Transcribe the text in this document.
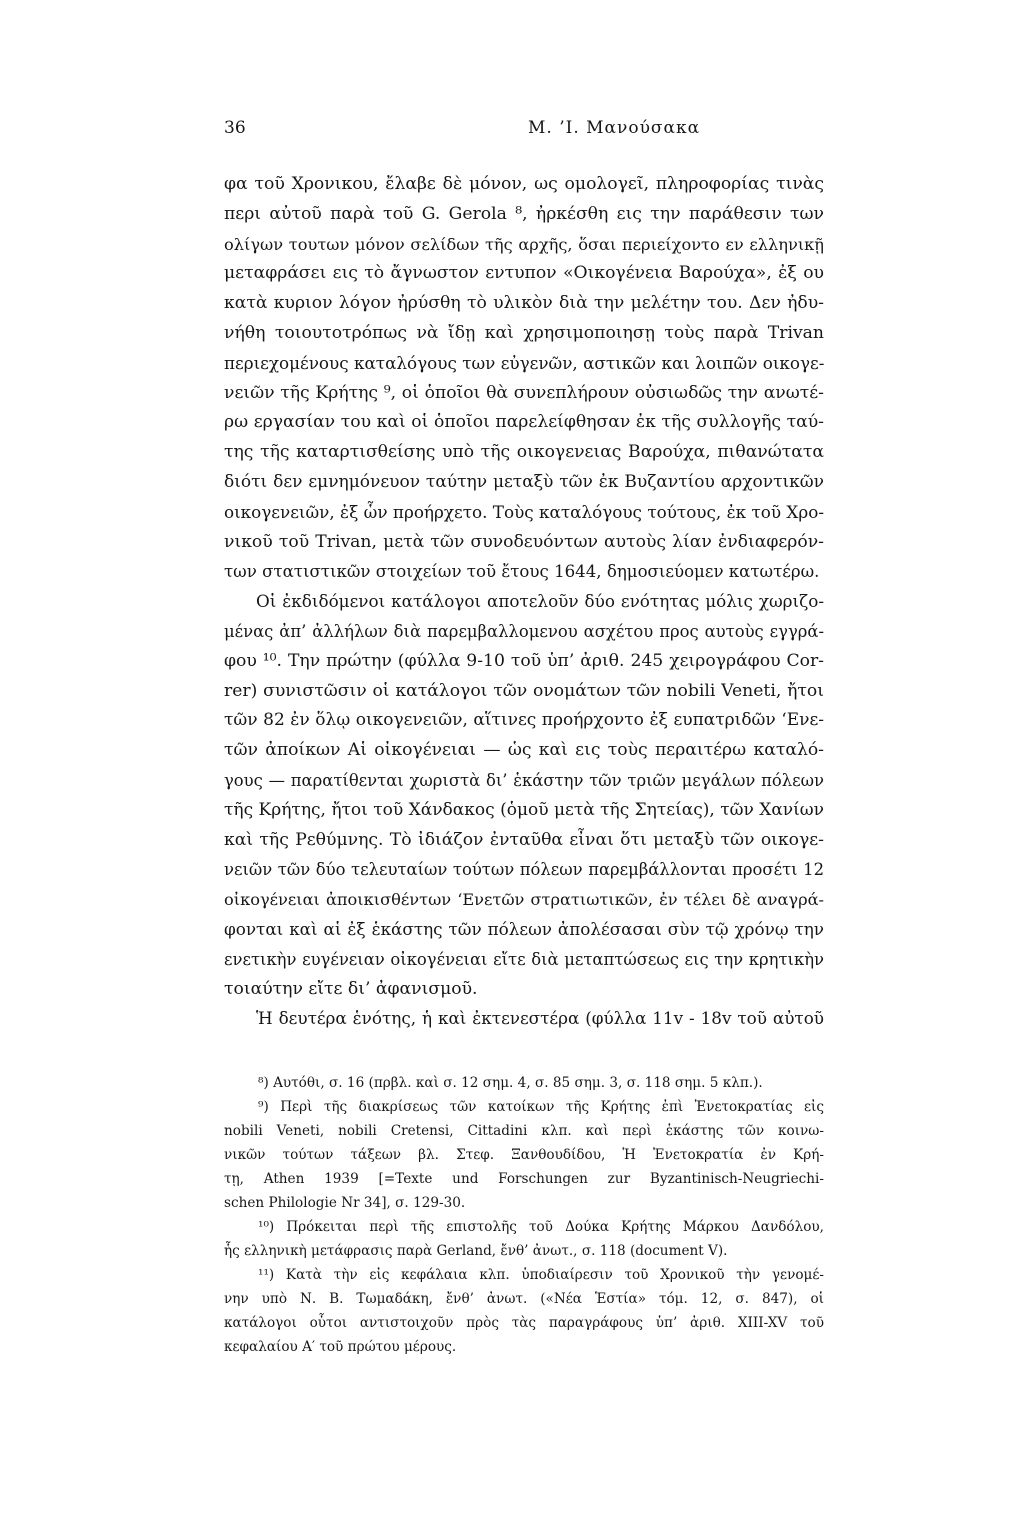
36	M. ’I. Μανούσακα
φα τοῦ Χρονικου, ἔλαβε δὲ μόνον, ως ομολογεῖ, πληροφορίας τινὰς
περι αὐτοῦ παρὰ τοῦ G. Gerola ⁸, ἠρκέσθη εις την παράθεσιν των
ολίγων τουτων μόνον σελίδων τῆς αρχῆς, ὅσαι περιείχοντο εν ελληνικῇ
μεταφράσει εις τὸ ἄγνωστον εντυπον «Οικογένεια Βαρούχα», ἐξ ου
κατὰ κυριον λόγον ἠρύσθη τὸ υλικὸν διὰ την μελέτην του. Δεν ἠδυ-
νήθη τοιουτοτρόπως νὰ ἴδῃ καὶ χρησιμοποιησῃ τοὺς παρὰ Trivan
περιεχομένους καταλόγους των εὐγενῶν, αστικῶν και λοιπῶν οικογε-
νειῶν τῆς Κρήτης ⁹, οἱ ὁποῖοι θὰ συνεπλήρουν οὐσιωδῶς την ανωτέ-
ρω εργασίαν του καὶ οἱ ὁποῖοι παρελείφθησαν ἐκ τῆς συλλογῆς ταύ-
της τῆς καταρτισθείσης υπὸ τῆς οικογενειας Βαρούχα, πιθανώτατα
διότι δεν εμνημόνευον ταύτην μεταξὺ τῶν ἐκ Βυζαντίου αρχοντικῶν
οικογενειῶν, ἐξ ὧν προήρχετο. Τοὺς καταλόγους τούτους, ἐκ τοῦ Χρο-
νικοῦ τοῦ Trivan, μετὰ τῶν συνοδευόντων αυτοὺς λίαν ἐνδιαφερόν-
των στατιστικῶν στοιχείων τοῦ ἔτους 1644, δημοσιεύομεν κατωτέρω.
Οἱ ἐκδιδόμενοι κατάλογοι αποτελοῦν δύο ενότητας μόλις χωριζο-
μένας ἀπ’ ἀλλήλων διὰ παρεμβαλλομενου ασχέτου προς αυτοὺς εγγρά-
φου ¹⁰. Την πρώτην (φύλλα 9-10 τοῦ ὑπ’ ἀριθ. 245 χειρογράφου Cor-
rer) συνιστῶσιν οἱ κατάλογοι τῶν ονομάτων τῶν nobili Veneti, ἤτοι
τῶν 82 ἐν ὅλῳ οικογενειῶν, αἵτινες προήρχοντο ἐξ ευπατριδῶν ‘Ενε-
τῶν ἀποίκων Αἱ οἰκογένειαι — ὡς καὶ εις τοὺς περαιτέρω καταλό-
γους — παρατίθενται χωριστὰ δι’ ἑκάστην τῶν τριῶν μεγάλων πόλεων
τῆς Κρήτης, ἤτοι τοῦ Χάνδακος (ὁμοῦ μετὰ τῆς Σητείας), τῶν Χανίων
καὶ τῆς Ρεθύμνης. Τὸ ἰδιάζον ἐνταῦθα εἶναι ὅτι μεταξὺ τῶν οικογε-
νειῶν τῶν δύο τελευταίων τούτων πόλεων παρεμβάλλονται προσέτι 12
οἰκογένειαι ἀποικισθέντων ‘Ενετῶν στρατιωτικῶν, ἐν τέλει δὲ αναγρά-
φονται καὶ αἱ ἐξ ἑκάστης τῶν πόλεων ἀπολέσασαι σὺν τῷ χρόνῳ την
ενετικὴν ευγένειαν οἰκογένειαι εἴτε διὰ μεταπτώσεως εις την κρητικὴν
τοιαύτην εἴτε δι’ ἀφανισμοῦ.
Ἡ δευτέρα ἑνότης, ἡ καὶ ἐκτενεστέρα (φύλλα 11v - 18v τοῦ αὐτοῦ
⁸) Αυτόθι, σ. 16 (πρβλ. καὶ σ. 12 σημ. 4, σ. 85 σημ. 3, σ. 118 σημ. 5 κλπ.).
⁹) Περὶ τῆς διακρίσεως τῶν κατοίκων τῆς Κρήτης ἐπὶ Ἐνετοκρατίας εἰς
nobili Veneti, nobili Cretensi, Cittadini κλπ. καὶ περὶ ἑκάστης τῶν κοινω-
νικῶν τούτων τάξεων βλ. Στεφ. Ξανθουδίδου, Ἡ Ἐνετοκρατία ἐν Κρή-
τῃ, Athen 1939 [=Texte und Forschungen zur Byzantinisch-Neugriechi-
schen Philologie Nr 34], σ. 129-30.
¹⁰) Πρόκειται περὶ τῆς επιστολῆς τοῦ Δούκα Κρήτης Μάρκου Δανδόλου,
ἧς ελληνικὴ μετάφρασις παρὰ Gerland, ἔνθ’ ἀνωτ., σ. 118 (document V).
¹¹) Κατὰ τὴν εἰς κεφάλαια κλπ. ὑποδιαίρεσιν τοῦ Χρονικοῦ τὴν γενομέ-
νην υπὸ Ν. Β. Τωμαδάκη, ἔνθ’ ἀνωτ. («Νέα Ἑστία» τόμ. 12, σ. 847), οἱ
κατάλογοι οὗτοι αντιστοιχοῦν πρὸς τὰς παραγράφους ὑπ’ ἀριθ. XIII-XV τοῦ
κεφαλαίου Α′ τοῦ πρώτου μέρους.
